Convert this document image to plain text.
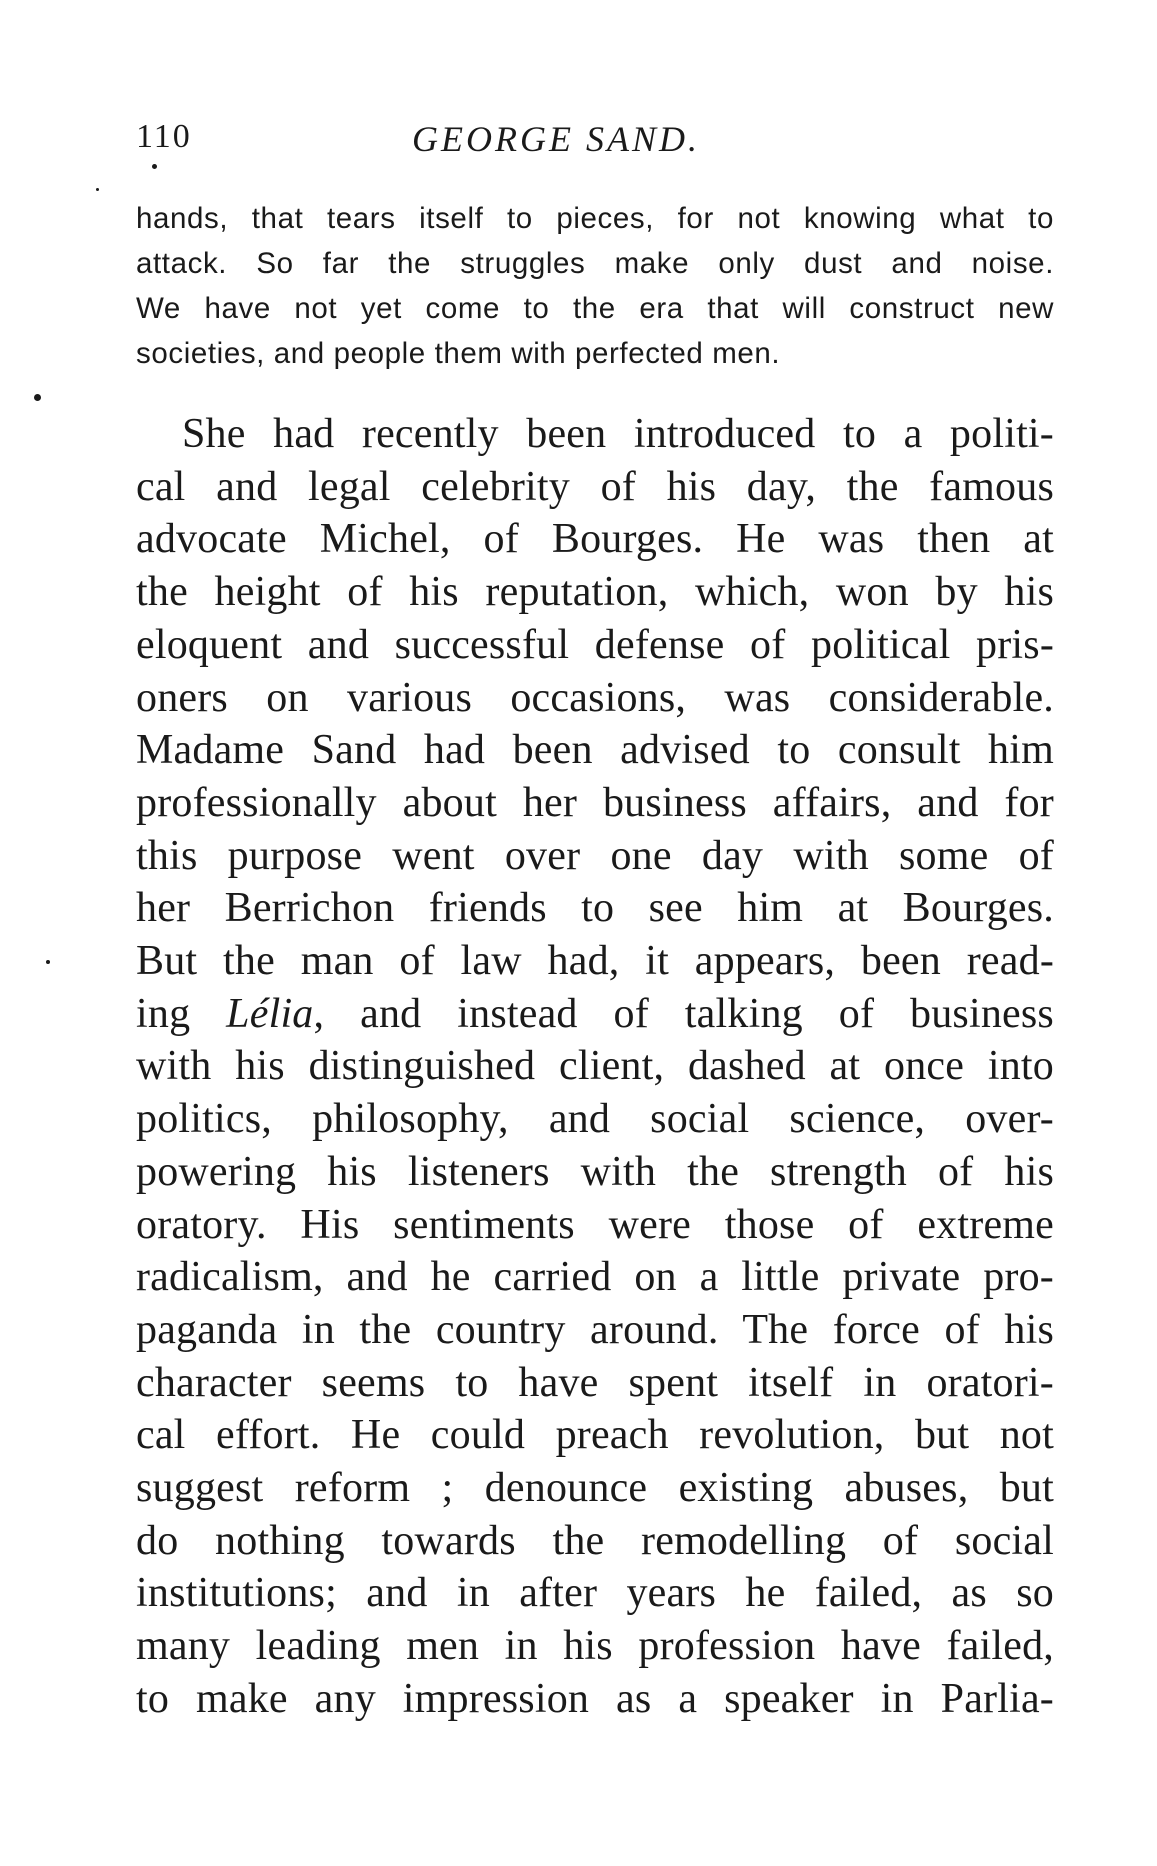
110	GEORGE SAND.
hands, that tears itself to pieces, for not knowing what to
attack. So far the struggles make only dust and noise.
We have not yet come to the era that will construct new
societies, and people them with perfected men.
She had recently been introduced to a politi-
cal and legal celebrity of his day, the famous
advocate Michel, of Bourges. He was then at
the height of his reputation, which, won by his
eloquent and successful defense of political pris-
oners on various occasions, was considerable.
Madame Sand had been advised to consult him
professionally about her business affairs, and for
this purpose went over one day with some of
her Berrichon friends to see him at Bourges.
But the man of law had, it appears, been read-
ing Lélia, and instead of talking of business
with his distinguished client, dashed at once into
politics, philosophy, and social science, over-
powering his listeners with the strength of his
oratory. His sentiments were those of extreme
radicalism, and he carried on a little private pro-
paganda in the country around. The force of his
character seems to have spent itself in oratori-
cal effort. He could preach revolution, but not
suggest reform ; denounce existing abuses, but
do nothing towards the remodelling of social
institutions; and in after years he failed, as so
many leading men in his profession have failed,
to make any impression as a speaker in Parlia-
